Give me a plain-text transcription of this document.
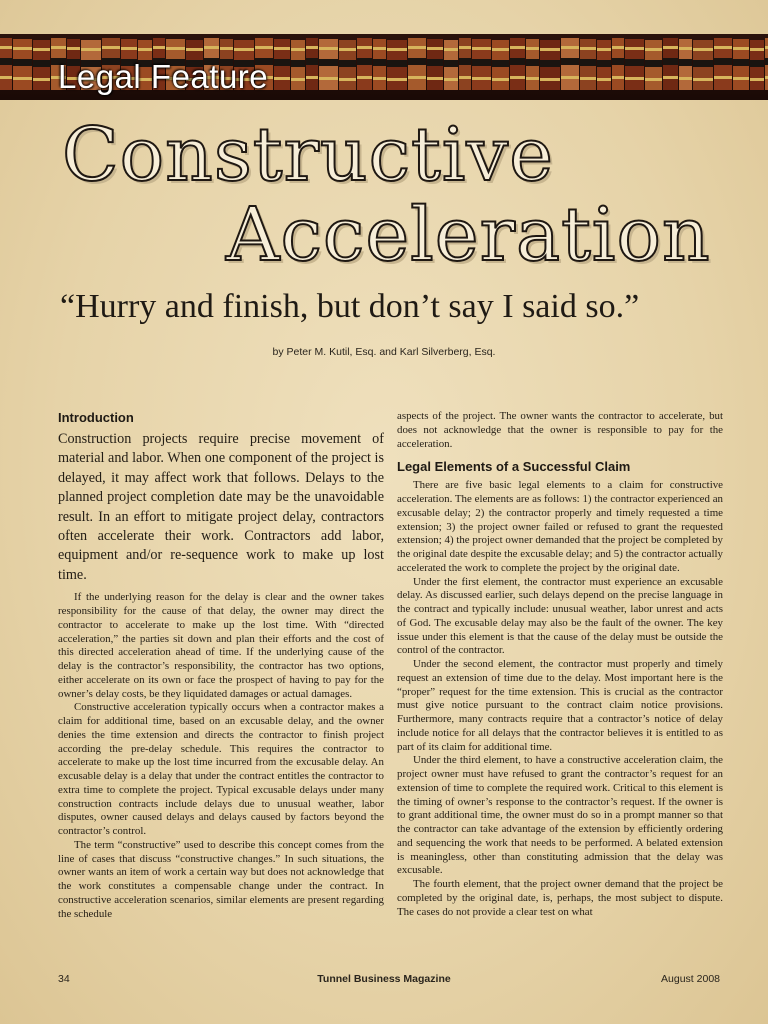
Legal Feature
Constructive
Acceleration

“Hurry and finish, but don’t say I said so.”

by Peter M. Kutil, Esq. and Karl Silverberg, Esq.

Introduction

Construction projects require precise movement of material and labor. When one component of the project is delayed, it may affect work that follows. Delays to the planned project completion date may be the unavoidable result. In an effort to mitigate project delay, contractors often accelerate their work. Contractors add labor, equipment and/or re-sequence work to make up lost time.

If the underlying reason for the delay is clear and the owner takes responsibility for the cause of that delay, the owner may direct the contractor to accelerate to make up the lost time. With “directed acceleration,” the parties sit down and plan their efforts and the cost of this directed acceleration ahead of time. If the underlying cause of the delay is the contractor’s responsibility, the contractor has two options, either accelerate on its own or face the prospect of having to pay for the owner’s delay costs, be they liquidated damages or actual damages.

Constructive acceleration typically occurs when a contractor makes a claim for additional time, based on an excusable delay, and the owner denies the time extension and directs the contractor to finish project according the pre-delay schedule. This requires the contractor to accelerate to make up the lost time incurred from the excusable delay. An excusable delay is a delay that under the contract entitles the contractor to extra time to complete the project. Typical excusable delays under many construction contracts include delays due to unusual weather, labor disputes, owner caused delays and delays caused by factors beyond the contractor’s control.

The term “constructive” used to describe this concept comes from the line of cases that discuss “constructive changes.” In such situations, the owner wants an item of work a certain way but does not acknowledge that the work constitutes a compensable change under the contract. In constructive acceleration scenarios, similar elements are present regarding the schedule

aspects of the project. The owner wants the contractor to accelerate, but does not acknowledge that the owner is responsible to pay for the acceleration.

Legal Elements of a Successful Claim

There are five basic legal elements to a claim for constructive acceleration. The elements are as follows: 1) the contractor experienced an excusable delay; 2) the contractor properly and timely requested a time extension; 3) the project owner failed or refused to grant the requested extension; 4) the project owner demanded that the project be completed by the original date despite the excusable delay; and 5) the contractor actually accelerated the work to complete the project by the original date.

Under the first element, the contractor must experience an excusable delay. As discussed earlier, such delays depend on the precise language in the contract and typically include: unusual weather, labor unrest and acts of God. The excusable delay may also be the fault of the owner. The key issue under this element is that the cause of the delay must be outside the control of the contractor.

Under the second element, the contractor must properly and timely request an extension of time due to the delay. Most important here is the “proper” request for the time extension. This is crucial as the contractor must give notice pursuant to the contract claim notice provisions. Furthermore, many contracts require that a contractor’s notice of delay include notice for all delays that the contractor believes it is entitled to as part of its claim for additional time.

Under the third element, to have a constructive acceleration claim, the project owner must have refused to grant the contractor’s request for an extension of time to complete the required work. Critical to this element is the timing of owner’s response to the contractor’s request. If the owner is to grant additional time, the owner must do so in a prompt manner so that the contractor can take advantage of the extension by efficiently ordering and sequencing the work that needs to be performed. A belated extension is meaningless, other than constituting admission that the delay was excusable.

The fourth element, that the project owner demand that the project be completed by the original date, is, perhaps, the most subject to dispute. The cases do not provide a clear test on what

34	Tunnel Business Magazine	August 2008
